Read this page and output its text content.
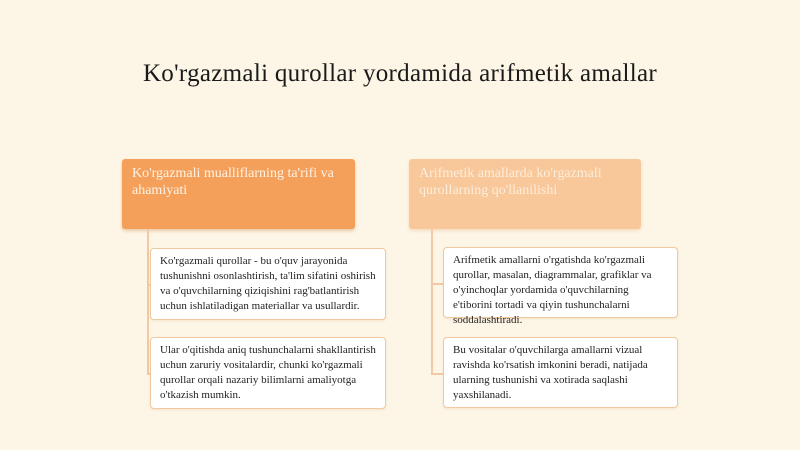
Ko'rgazmali qurollar yordamida arifmetik amallar
Ko'rgazmali mualliflarning ta'rifi va ahamiyati
Arifmetik amallarda ko'rgazmali qurollarning qo'llanilishi
Ko'rgazmali qurollar - bu o'quv jarayonida tushunishni osonlashtirish, ta'lim sifatini oshirish va o'quvchilarning qiziqishini rag'batlantirish uchun ishlatiladigan materiallar va usullardir.
Ular o'qitishda aniq tushunchalarni shakllantirish uchun zaruriy vositalardir, chunki ko'rgazmali qurollar orqali nazariy bilimlarni amaliyotga o'tkazish mumkin.
Arifmetik amallarni o'rgatishda ko'rgazmali qurollar, masalan, diagrammalar, grafiklar va o'yinchoqlar yordamida o'quvchilarning e'tiborini tortadi va qiyin tushunchalarni soddalashtiradi.
Bu vositalar o'quvchilarga amallarni vizual ravishda ko'rsatish imkonini beradi, natijada ularning tushunishi va xotirada saqlashi yaxshilanadi.
